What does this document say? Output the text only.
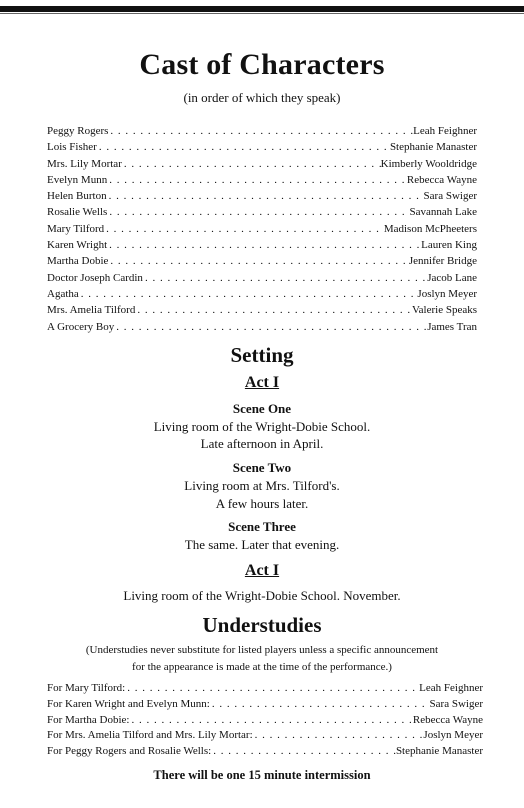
Cast of Characters
(in order of which they speak)
Peggy Rogers . . .	Leah Feighner
Lois Fisher . . .	Stephanie Manaster
Mrs. Lily Mortar . . .	Kimberly Wooldridge
Evelyn Munn . . .	Rebecca Wayne
Helen Burton . . .	Sara Swiger
Rosalie Wells . . .	Savannah Lake
Mary Tilford . . .	Madison McPheeters
Karen Wright . . .	Lauren King
Martha Dobie . . .	Jennifer Bridge
Doctor Joseph Cardin . . .	Jacob Lane
Agatha . . .	Joslyn Meyer
Mrs. Amelia Tilford . . .	Valerie Speaks
A Grocery Boy . . .	James Tran
Setting
Act I
Scene One
Living room of the Wright-Dobie School.
Late afternoon in April.
Scene Two
Living room at Mrs. Tilford's.
A few hours later.
Scene Three
The same. Later that evening.
Act I
Living room of the Wright-Dobie School. November.
Understudies
(Understudies never substitute for listed players unless a specific announcement
for the appearance is made at the time of the performance.)
For Mary Tilford: . . .	Leah Feighner
For Karen Wright and Evelyn Munn: . . .	Sara Swiger
For Martha Dobie: . . .	Rebecca Wayne
For Mrs. Amelia Tilford and Mrs. Lily Mortar: . . .	Joslyn Meyer
For Peggy Rogers and Rosalie Wells: . . .	Stephanie Manaster
There will be one 15 minute intermission
